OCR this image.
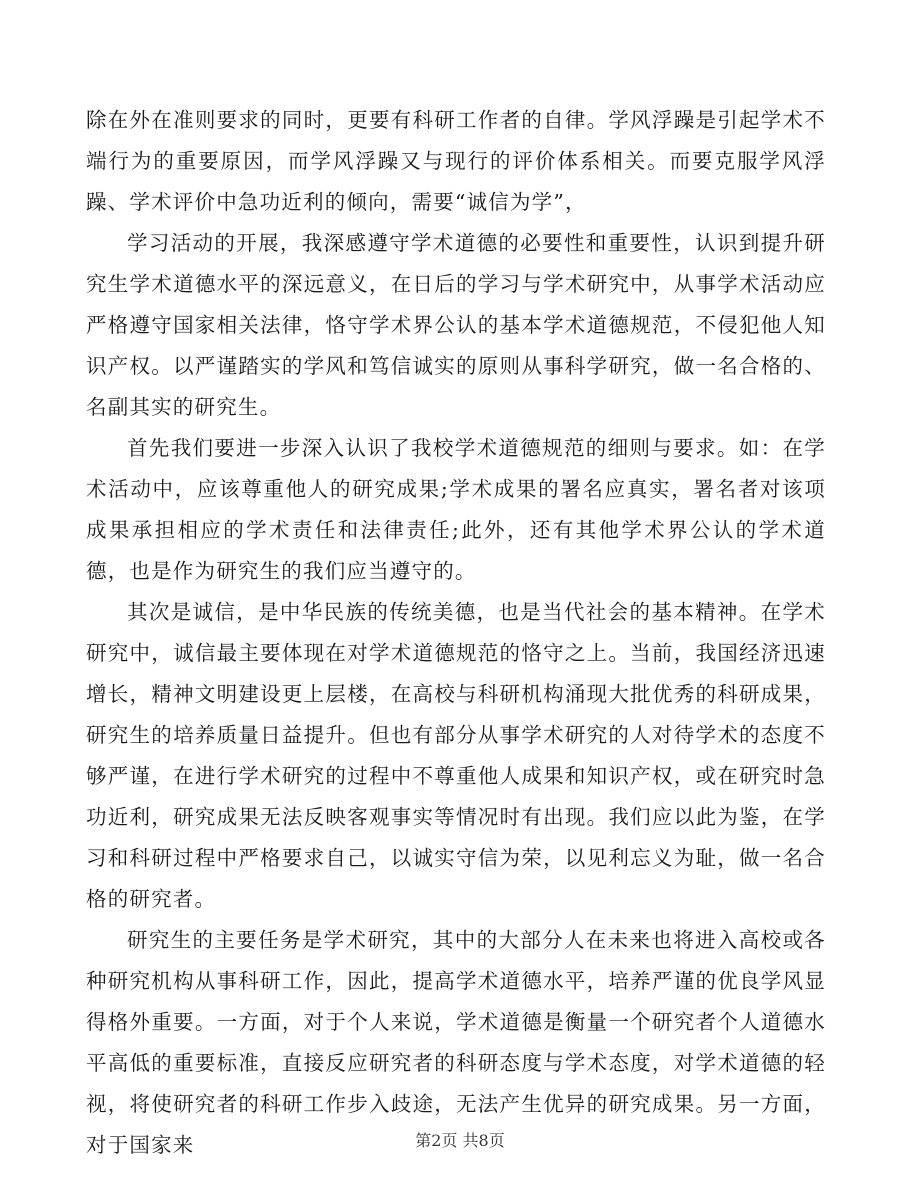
除在外在准则要求的同时，更要有科研工作者的自律。学风浮躁是引起学术不端行为的重要原因，而学风浮躁又与现行的评价体系相关。而要克服学风浮躁、学术评价中急功近利的倾向，需要“诚信为学”，

学习活动的开展，我深感遵守学术道德的必要性和重要性，认识到提升研究生学术道德水平的深远意义，在日后的学习与学术研究中，从事学术活动应严格遵守国家相关法律，恪守学术界公认的基本学术道德规范，不侵犯他人知识产权。以严谨踏实的学风和笃信诚实的原则从事科学研究，做一名合格的、名副其实的研究生。

首先我们要进一步深入认识了我校学术道德规范的细则与要求。如：在学术活动中，应该尊重他人的研究成果;学术成果的署名应真实，署名者对该项成果承担相应的学术责任和法律责任;此外，还有其他学术界公认的学术道德，也是作为研究生的我们应当遵守的。

其次是诚信，是中华民族的传统美德，也是当代社会的基本精神。在学术研究中，诚信最主要体现在对学术道德规范的恪守之上。当前，我国经济迅速增长，精神文明建设更上层楼，在高校与科研机构涌现大批优秀的科研成果，研究生的培养质量日益提升。但也有部分从事学术研究的人对待学术的态度不够严谨，在进行学术研究的过程中不尊重他人成果和知识产权，或在研究时急功近利，研究成果无法反映客观事实等情况时有出现。我们应以此为鉴，在学习和科研过程中严格要求自己，以诚实守信为荣，以见利忘义为耻，做一名合格的研究者。

研究生的主要任务是学术研究，其中的大部分人在未来也将进入高校或各种研究机构从事科研工作，因此，提高学术道德水平，培养严谨的优良学风显得格外重要。一方面，对于个人来说，学术道德是衡量一个研究者个人道德水平高低的重要标准，直接反应研究者的科研态度与学术态度，对学术道德的轻视，将使研究者的科研工作步入歧途，无法产生优异的研究成果。另一方面，对于国家来	第2页 共8页
